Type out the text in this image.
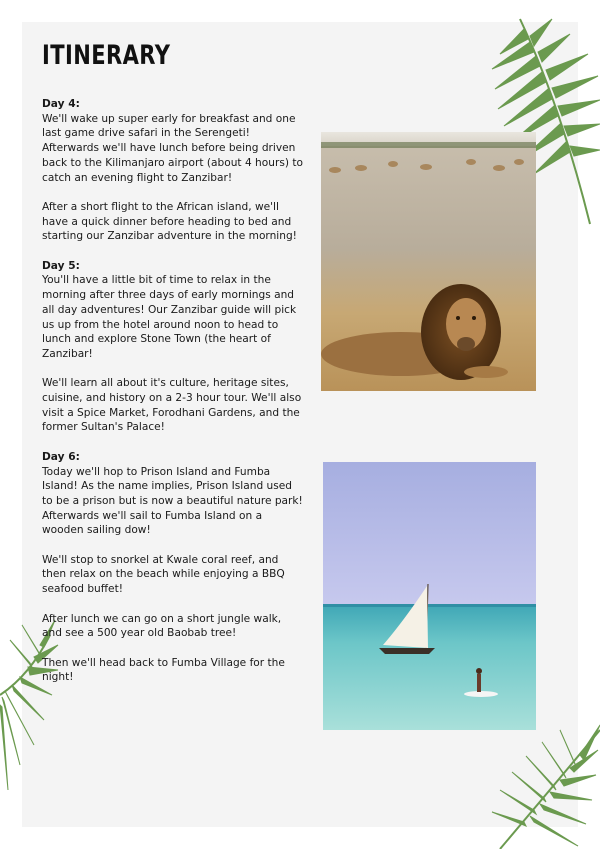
ITINERARY

Day 4:
We'll wake up super early for breakfast and one last game drive safari in the Serengeti! Afterwards we'll have lunch before being driven back to the Kilimanjaro airport (about 4 hours) to catch an evening flight to Zanzibar!

After a short flight to the African island, we'll have a quick dinner before heading to bed and starting our Zanzibar adventure in the morning!

Day 5:
You'll have a little bit of time to relax in the morning after three days of early mornings and all day adventures! Our Zanzibar guide will pick us up from the hotel around noon to head to lunch and explore Stone Town (the heart of Zanzibar!

We'll learn all about it's culture, heritage sites, cuisine, and history on a 2-3 hour tour. We'll also visit a Spice Market, Forodhani Gardens, and the former Sultan's Palace!

Day 6:
Today we'll hop to Prison Island and Fumba Island! As the name implies, Prison Island used to be a prison but is now a beautiful nature park! Afterwards we'll sail to Fumba Island on a wooden sailing dow!

We'll stop to snorkel at Kwale coral reef, and then relax on the beach while enjoying a BBQ seafood buffet!

After lunch we can go on a short jungle walk, and see a 500 year old Baobab tree!

Then we'll head back to Fumba Village for the night!
